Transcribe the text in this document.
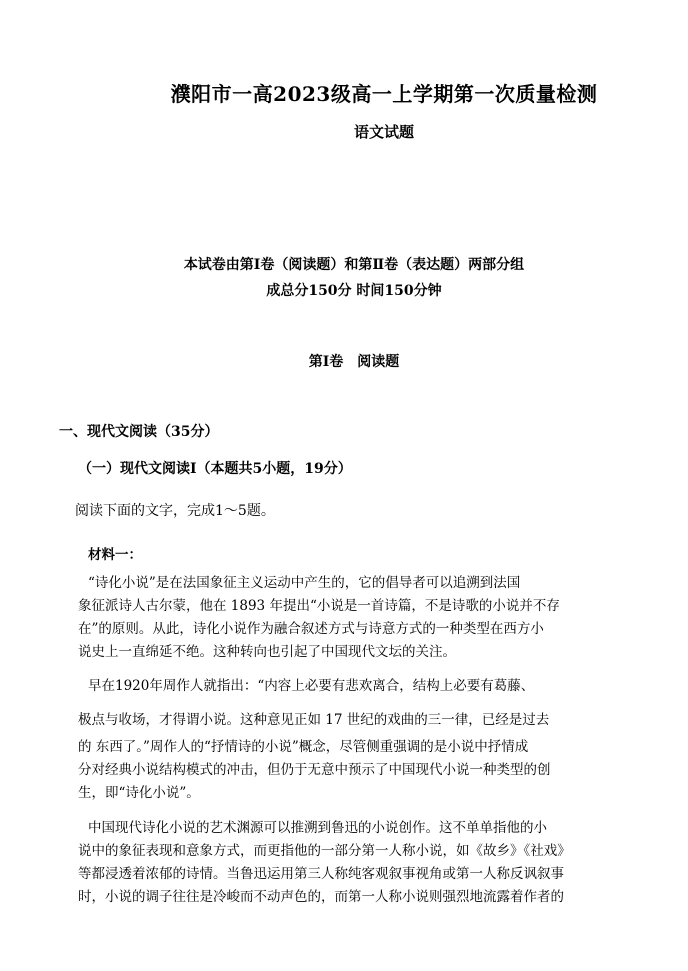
濮阳市一高2023级高一上学期第一次质量检测
语文试题
本试卷由第Ⅰ卷（阅读题）和第Ⅱ卷（表达题）两部分组
成总分150分 时间150分钟
第Ⅰ卷　阅读题
一、现代文阅读（35分）
（一）现代文阅读Ⅰ（本题共5小题，19分）
阅读下面的文字，完成1～5题。
材料一：
“诗化小说”是在法国象征主义运动中产生的，它的倡导者可以追溯到法国
象征派诗人古尔蒙，他在 1893 年提出“小说是一首诗篇，不是诗歌的小说并不存
在”的原则。从此，诗化小说作为融合叙述方式与诗意方式的一种类型在西方小
说史上一直绵延不绝。这种转向也引起了中国现代文坛的关注。
早在1920年周作人就指出：“内容上必要有悲欢离合，结构上必要有葛藤、
极点与收场，才得谓小说。这种意见正如 17 世纪的戏曲的三一律，已经是过去
的 东西了。”周作人的“抒情诗的小说”概念，尽管侧重强调的是小说中抒情成
分对经典小说结构模式的冲击，但仍于无意中预示了中国现代小说一种类型的创
生，即“诗化小说”。
中国现代诗化小说的艺术渊源可以推溯到鲁迅的小说创作。这不单单指他的小
说中的象征表现和意象方式，而更指他的一部分第一人称小说，如《故乡》《社戏》
等都浸透着浓郁的诗情。当鲁迅运用第三人称纯客观叙事视角或第一人称反讽叙事
时，小说的调子往往是冷峻而不动声色的，而第一人称小说则强烈地流露着作者的
